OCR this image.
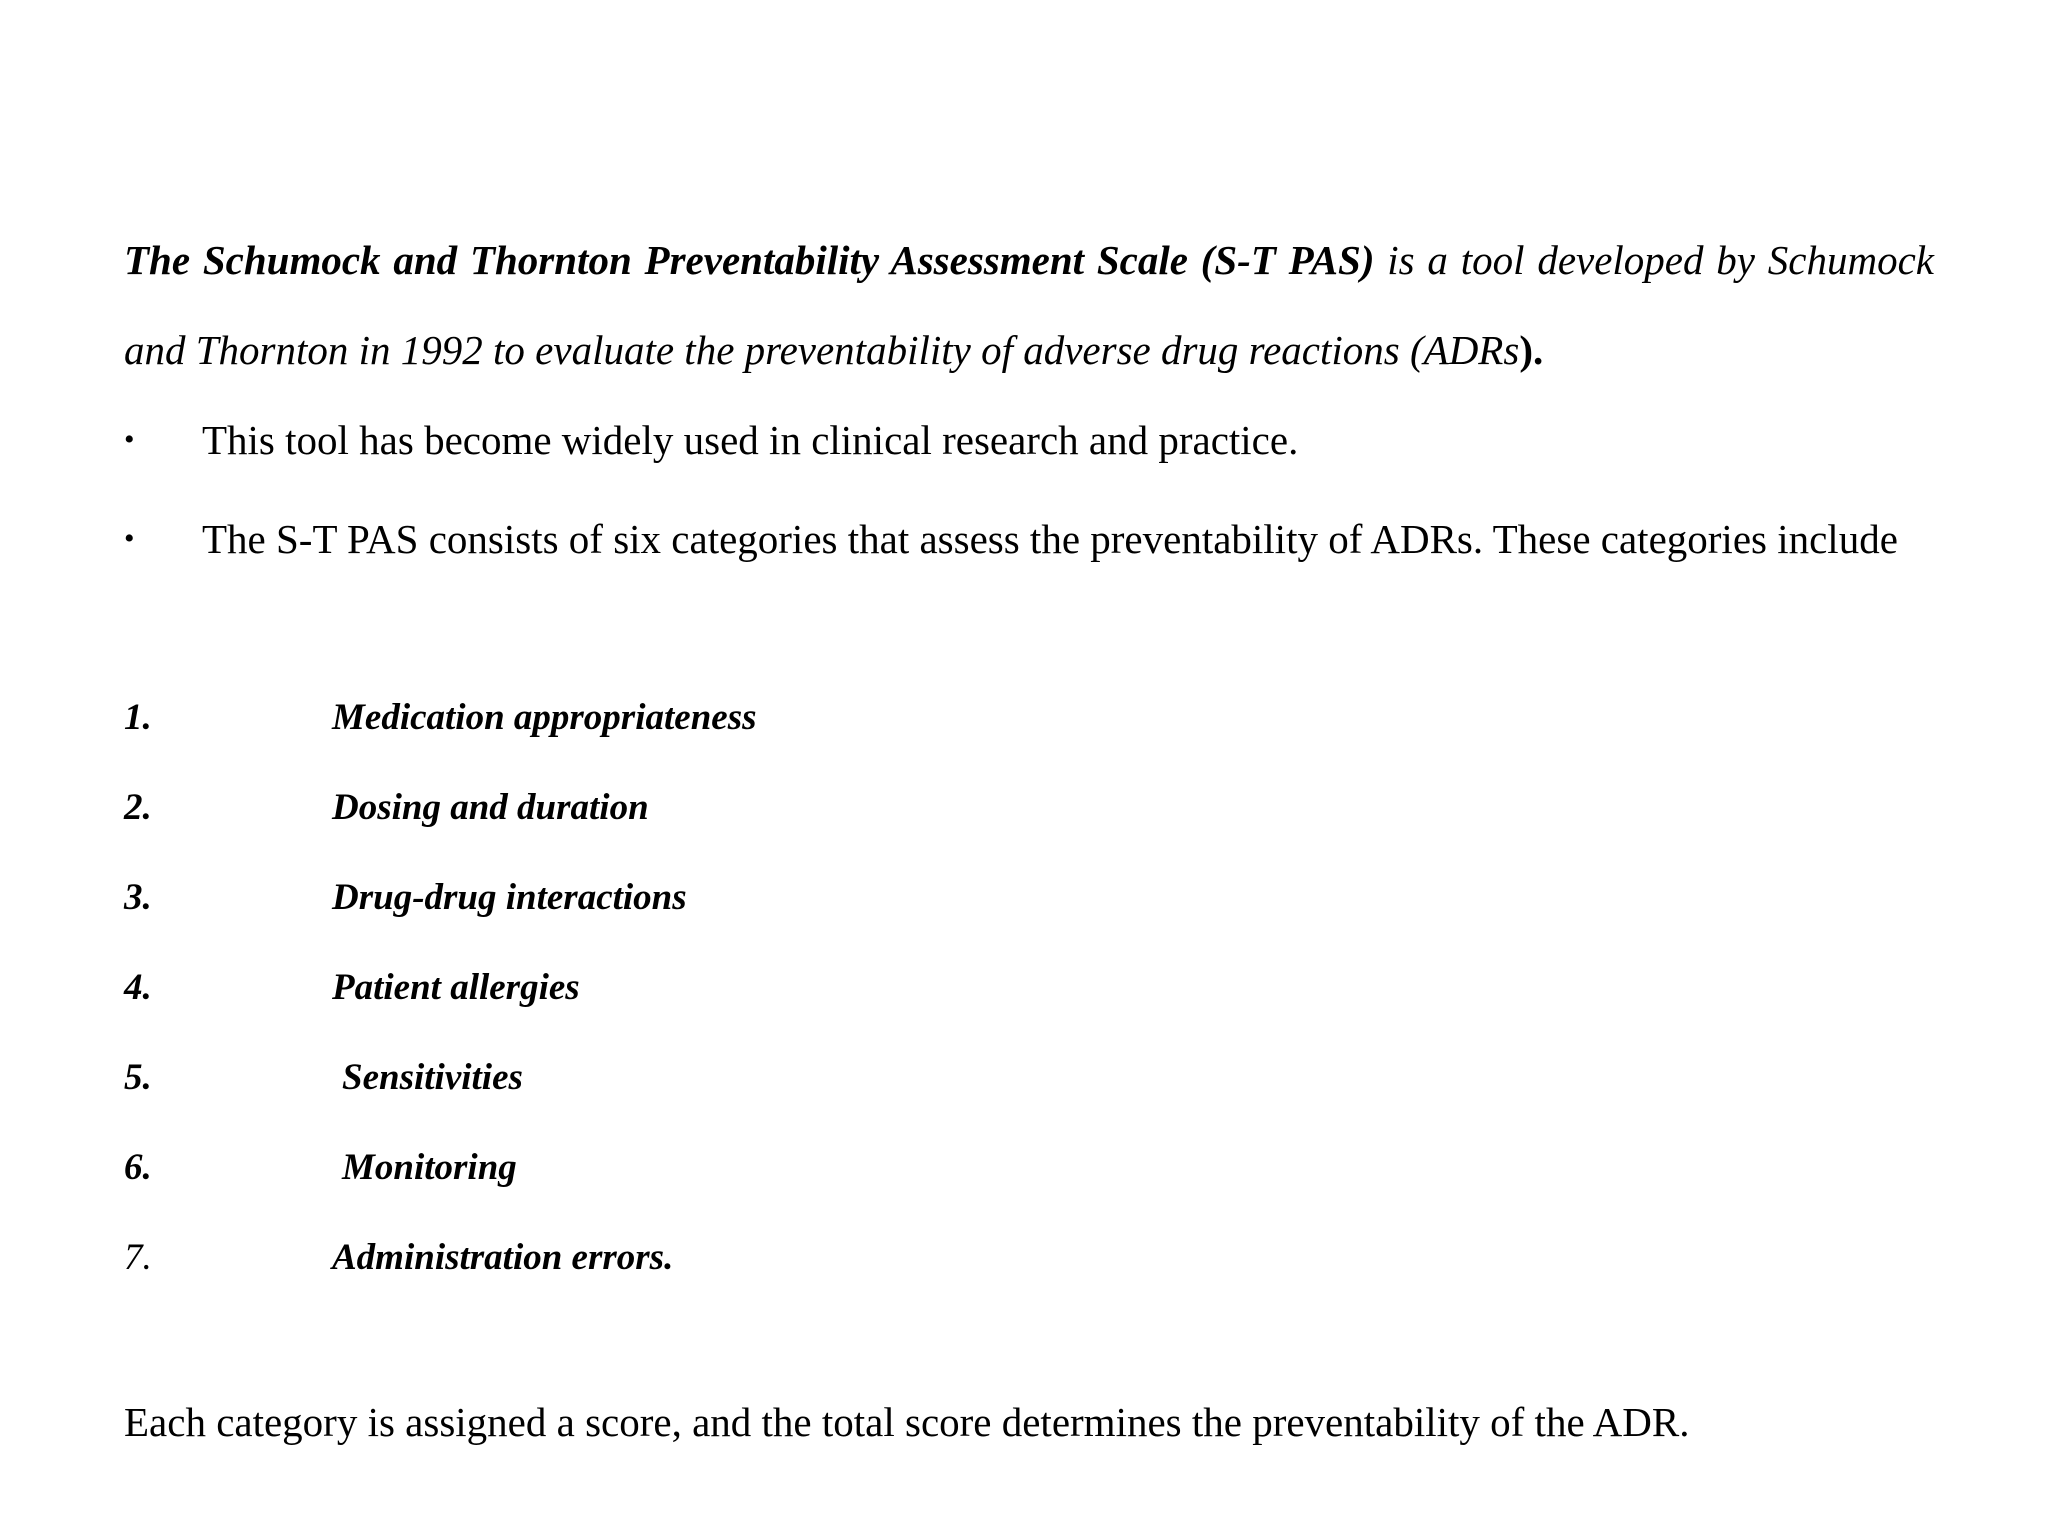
The Schumock and Thornton Preventability Assessment Scale (S-T PAS) is a tool developed by Schumock and Thornton in 1992 to evaluate the preventability of adverse drug reactions (ADRs).

• This tool has become widely used in clinical research and practice.
• The S-T PAS consists of six categories that assess the preventability of ADRs. These categories include
1.	Medication appropriateness
2.	Dosing and duration
3.	Drug-drug interactions
4.	Patient allergies
5.	Sensitivities
6.	Monitoring
7.	Administration errors.
Each category is assigned a score, and the total score determines the preventability of the ADR.
